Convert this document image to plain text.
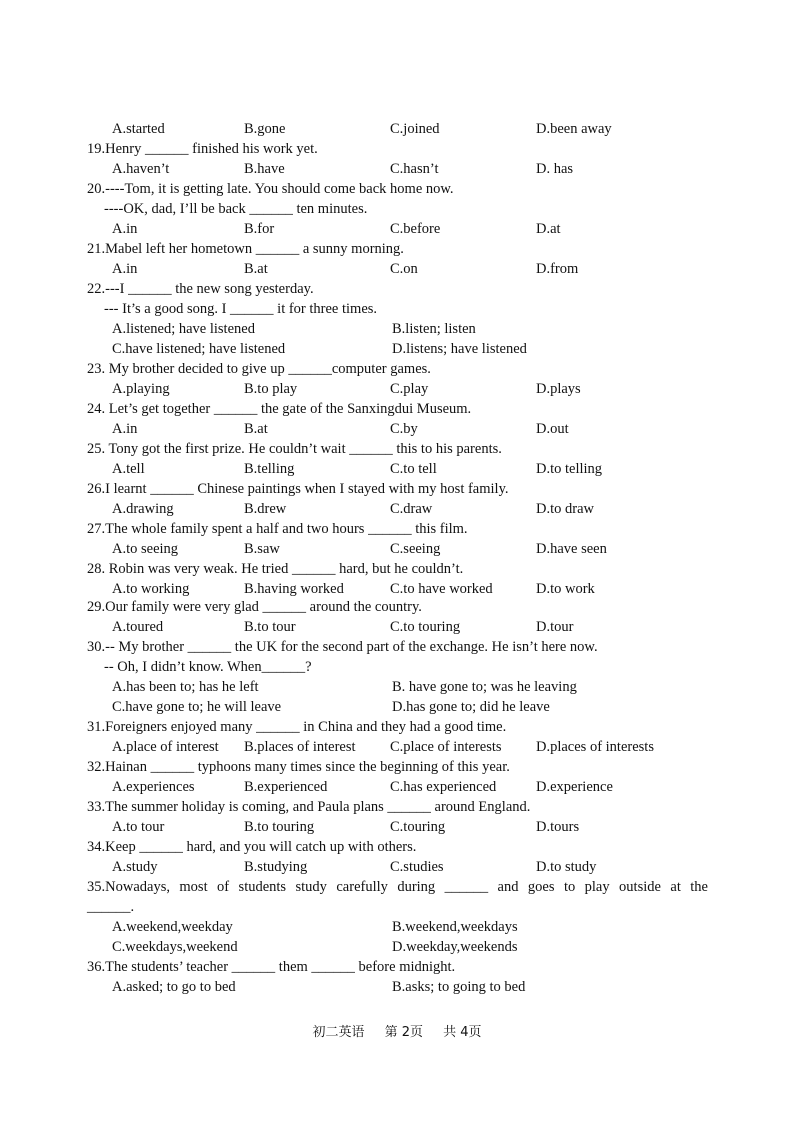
A.started	B.gone	C.joined	D.been away
19.Henry ______ finished his work yet.
A.haven’t	B.have	C.hasn’t	D. has
20.----Tom, it is getting late. You should come back home now.
----OK, dad, I’ll be back ______ ten minutes.
A.in	B.for	C.before	D.at
21.Mabel left her hometown ______ a sunny morning.
A.in	B.at	C.on	D.from
22.---I ______ the new song yesterday.
--- It’s a good song. I ______ it for three times.
A.listened; have listened	B.listen; listen
C.have listened; have listened	D.listens; have listened
23. My brother decided to give up ______computer games.
A.playing	B.to play	C.play	D.plays
24. Let’s get together ______ the gate of the Sanxingdui Museum.
A.in	B.at	C.by	D.out
25. Tony got the first prize. He couldn’t wait ______ this to his parents.
A.tell	B.telling	C.to tell	D.to telling
26.I learnt ______ Chinese paintings when I stayed with my host family.
A.drawing	B.drew	C.draw	D.to draw
27.The whole family spent a half and two hours ______ this film.
A.to seeing	B.saw	C.seeing	D.have seen
28. Robin was very weak. He tried ______ hard, but he couldn’t.
A.to working	B.having worked	C.to have worked	D.to work
29.Our family were very glad ______ around the country.
A.toured	B.to tour	C.to touring	D.tour
30.-- My brother ______ the UK for the second part of the exchange. He isn’t here now.
-- Oh, I didn’t know. When______?
A.has been to; has he left	B. have gone to; was he leaving
C.have gone to; he will leave	D.has gone to; did he leave
31.Foreigners enjoyed many ______ in China and they had a good time.
A.place of interest B.places of interest C.place of interests D.places of interests
32.Hainan ______ typhoons many times since the beginning of this year.
A.experiences	B.experienced	C.has experienced	D.experience
33.The summer holiday is coming, and Paula plans ______ around England.
A.to tour	B.to touring	C.touring	D.tours
34.Keep ______ hard, and you will catch up with others.
A.study	B.studying	C.studies	D.to study
35.Nowadays, most of students study carefully during ______ and goes to play outside at the
______.
A.weekend,weekday	B.weekend,weekdays
C.weekdays,weekend	D.weekday,weekends
36.The students’ teacher ______ them ______ before midnight.
A.asked; to go to bed	B.asks; to going to bed
初二英语 第 2页 共 4页
